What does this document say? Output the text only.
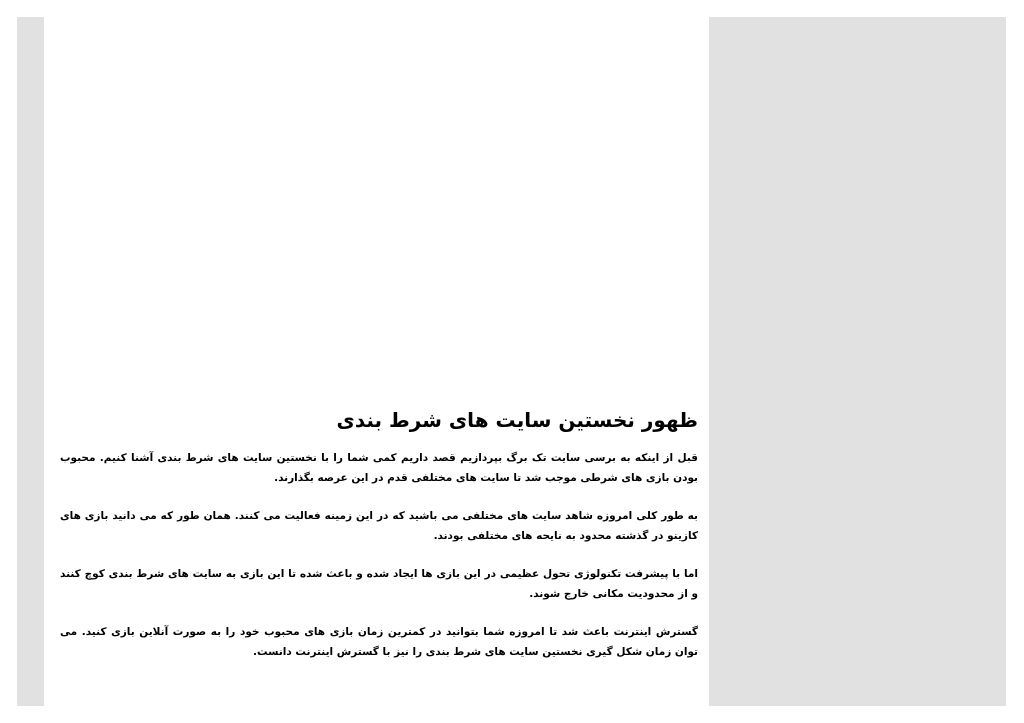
ظهور نخستین سایت های شرط بندی

قبل از اینکه به برسی سایت تک برگ بپردازیم قصد داریم کمی شما را با نخستین سایت های شرط بندی آشنا کنیم. محبوب بودن بازی های شرطی موجب شد تا سایت های مختلفی قدم در این عرصه بگذارند.

به طور کلی امروزه شاهد سایت های مختلفی می باشید که در این زمینه فعالیت می کنند. همان طور که می دانید بازی های کازینو در گذشته محدود به نایحه های مختلفی بودند.

اما با پیشرفت تکنولوژی تحول عظیمی در این بازی ها ایجاد شده و باعث شده تا این بازی به سایت های شرط بندی کوچ کنند و از محدودیت مکانی خارج شوند.

گسترش اینترنت باعث شد تا امروزه شما بتوانید در کمترین زمان بازی های محبوب خود را به صورت آنلاین بازی کنید. می توان زمان شکل گیری نخستین سایت های شرط بندی را نیز با گسترش اینترنت دانست.
